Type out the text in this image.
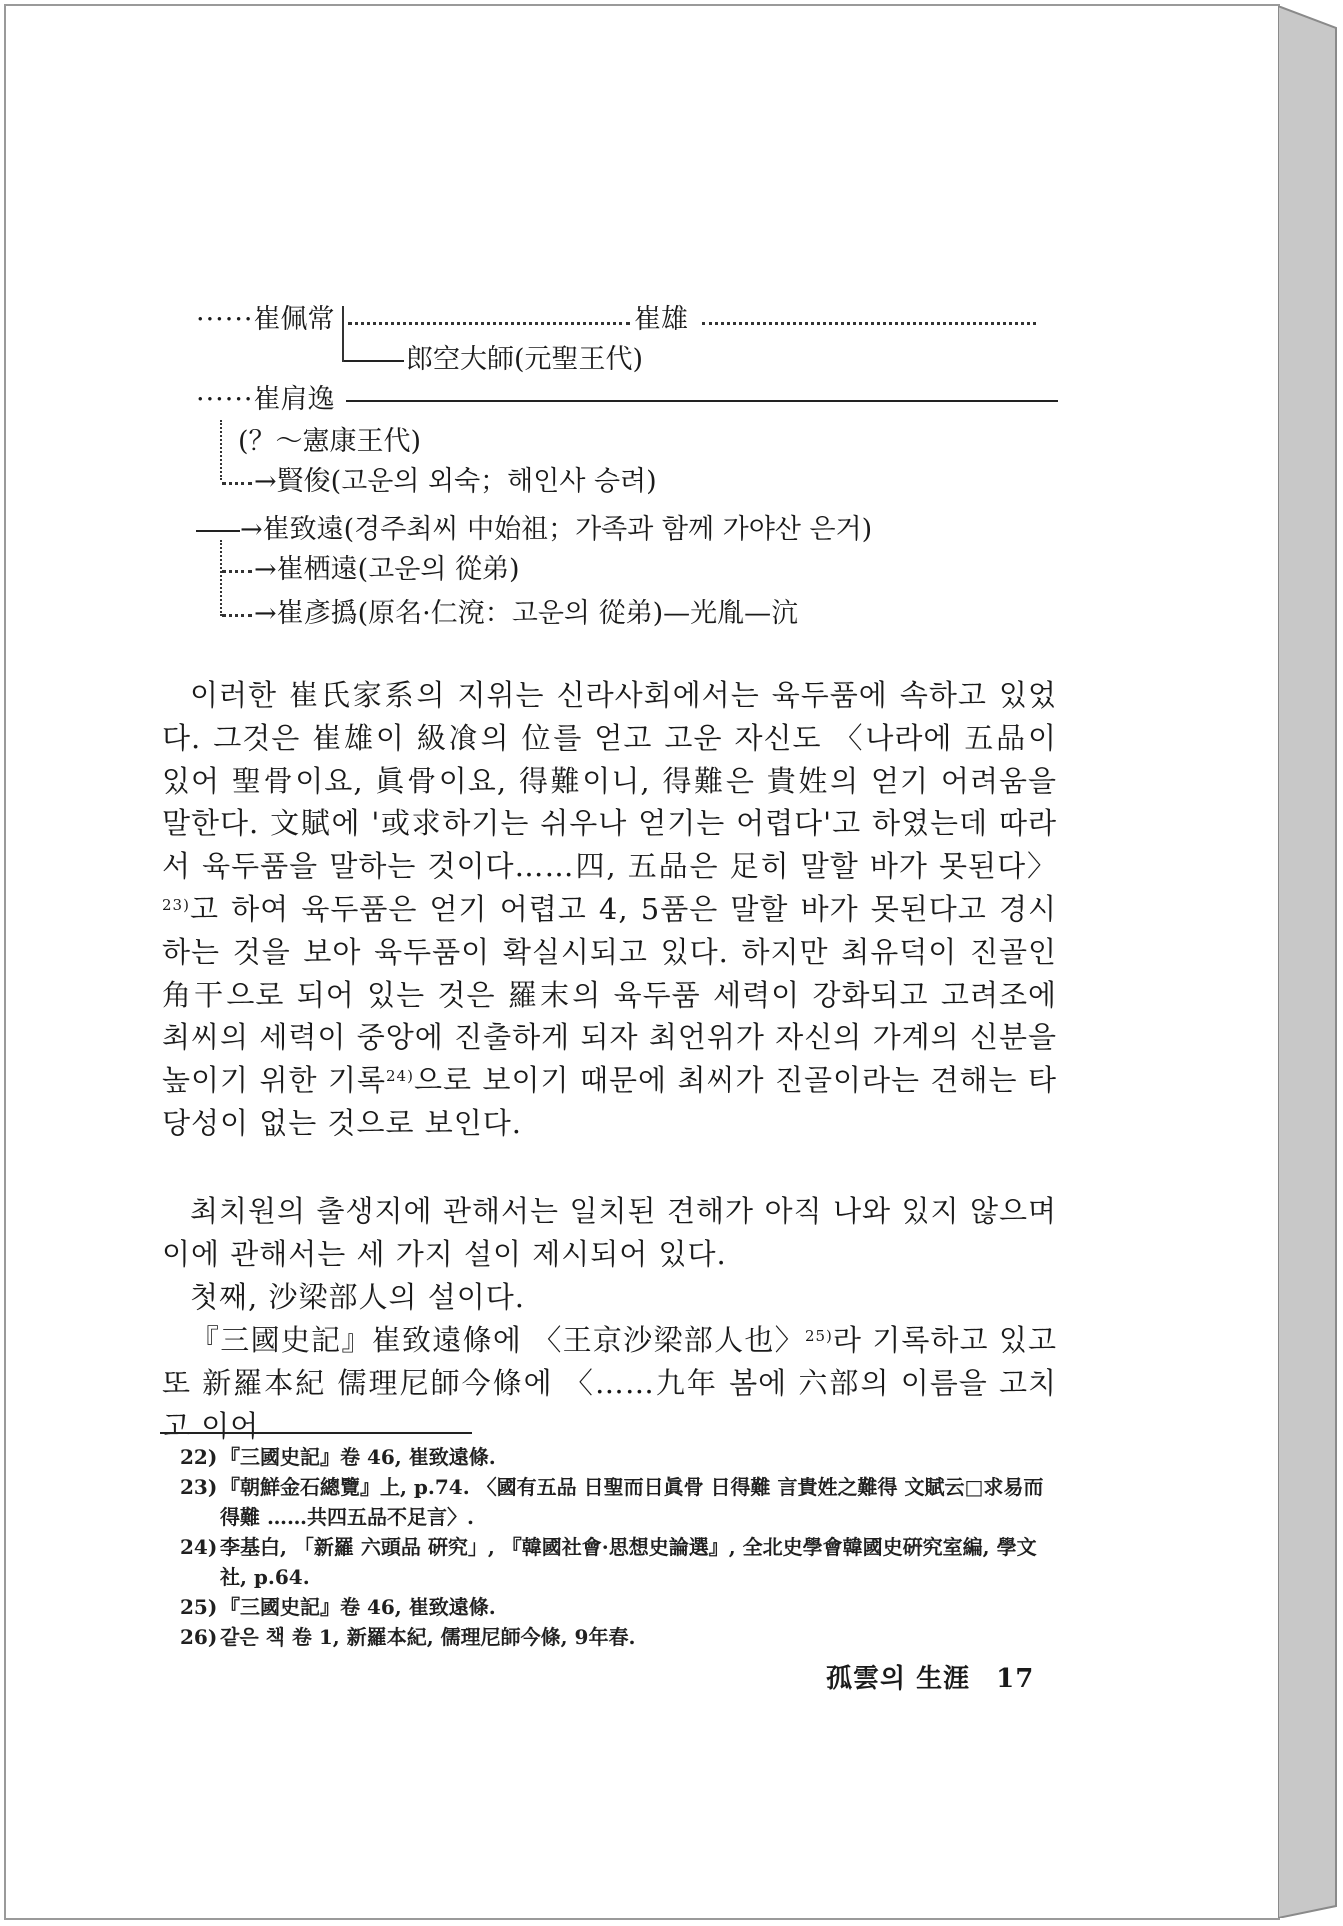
······崔佩常	崔雄
郎空大師(元聖王代)
······崔肩逸
(？～憲康王代)
→賢俊(고운의 외숙；해인사 승려)
→崔致遠(경주최씨 中始祖；가족과 함께 가야산 은거)
→崔栖遠(고운의 從弟)
→崔彥撝(原名·仁渷：고운의 從弟)—光胤—沆
이러한 崔氏家系의 지위는 신라사회에서는 육두품에 속하고 있었다. 그것은 崔雄이 級飡의 位를 얻고 고운 자신도 〈나라에 五品이 있어 聖骨이요, 眞骨이요, 得難이니, 得難은 貴姓의 얻기 어려움을 말한다. 文賦에 '或求하기는 쉬우나 얻기는 어렵다'고 하였는데 따라서 육두품을 말하는 것이다……四, 五品은 足히 말할 바가 못된다〉$^{23)}$고 하여 육두품은 얻기 어렵고 4, 5품은 말할 바가 못된다고 경시하는 것을 보아 육두품이 확실시되고 있다. 하지만 최유덕이 진골인 角干으로 되어 있는 것은 羅末의 육두품 세력이 강화되고 고려조에 최씨의 세력이 중앙에 진출하게 되자 최언위가 자신의 가계의 신분을 높이기 위한 기록$^{24)}$으로 보이기 때문에 최씨가 진골이라는 견해는 타당성이 없는 것으로 보인다.
최치원의 출생지에 관해서는 일치된 견해가 아직 나와 있지 않으며 이에 관해서는 세 가지 설이 제시되어 있다.
첫째, 沙梁部人의 설이다.
『三國史記』崔致遠條에 〈王京沙梁部人也〉$^{25)}$라 기록하고 있고 또 新羅本紀 儒理尼師今條에 〈……九年 봄에 六部의 이름을 고치고 이어
22) 『三國史記』卷 46, 崔致遠條.
23) 『朝鮮金石總覽』上, p.74. 〈國有五品 日聖而日眞骨 日得難 言貴姓之難得 文賦云□求易而得難 ……共四五品不足言〉.
24) 李基白, 「新羅 六頭品 硏究」, 『韓國社會·思想史論選』, 全北史學會韓國史硏究室編, 學文社, p.64.
25) 『三國史記』卷 46, 崔致遠條.
26) 같은 책 卷 1, 新羅本紀, 儒理尼師今條, 9年春.
孤雲의 生涯 17
